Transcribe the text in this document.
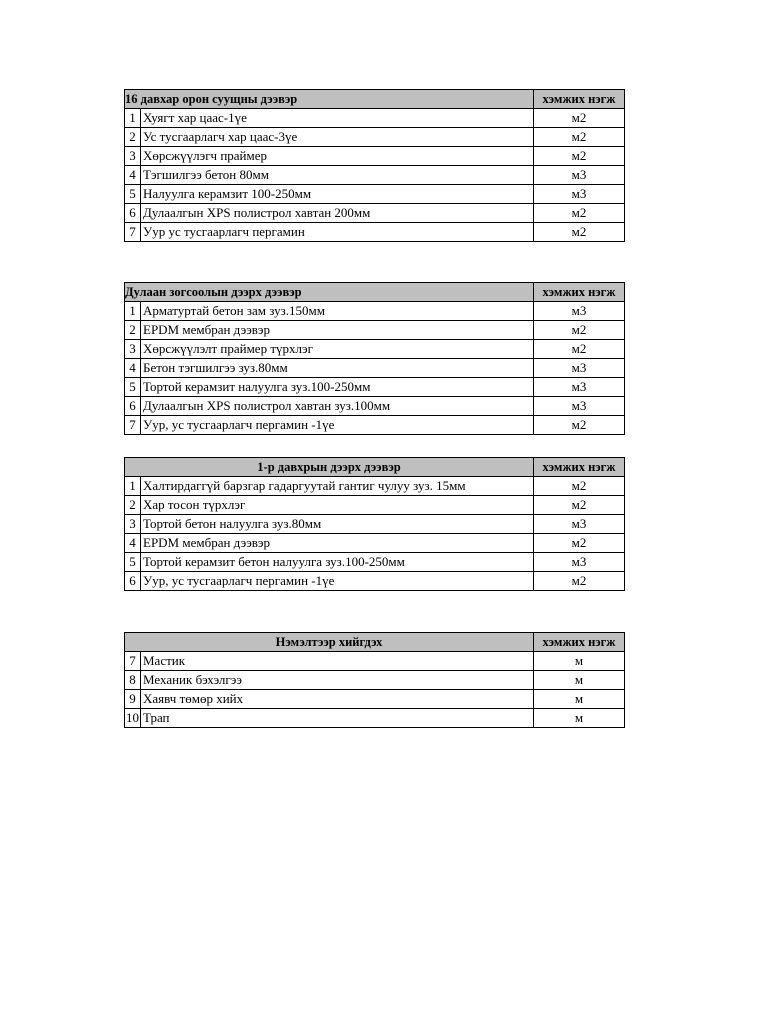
16 давхар орон суущны дээвэр		хэмжих нэгж
1	Хуягт хар цаас-1үе	м2
2	Ус тусгаарлагч хар цаас-3үе	м2
3	Хөрсжүүлэгч праймер	м2
4	Тэгшилгээ бетон 80мм	м3
5	Налуулга керамзит 100-250мм	м3
6	Дулаалгын XPS полистрол хавтан 200мм	м2
7	Уур ус тусгаарлагч пергамин	м2
Дулаан зогсоолын дээрх дээвэр		хэмжих нэгж
1	Арматуртай бетон зам зуз.150мм	м3
2	EPDM мембран дээвэр	м2
3	Хөрсжүүлэлт праймер түрхлэг	м2
4	Бетон тэгшилгээ зуз.80мм	м3
5	Тортой керамзит налуулга зуз.100-250мм	м3
6	Дулаалгын XPS полистрол хавтан зуз.100мм	м3
7	Уур, ус тусгаарлагч пергамин -1үе	м2
1-р давхрын дээрх дээвэр		хэмжих нэгж
1	Халтирдаггүй барзгар гадаргуутай гантиг чулуу зуз. 15мм	м2
2	Хар тосон түрхлэг	м2
3	Тортой бетон налуулга зуз.80мм	м3
4	EPDM мембран дээвэр	м2
5	Тортой керамзит бетон налуулга зуз.100-250мм	м3
6	Уур, ус тусгаарлагч пергамин -1үе	м2
Нэмэлтээр хийгдэх		хэмжих нэгж
7	Мастик	м
8	Механик бэхэлгээ	м
9	Хаявч төмөр хийх	м
10	Трап	м
